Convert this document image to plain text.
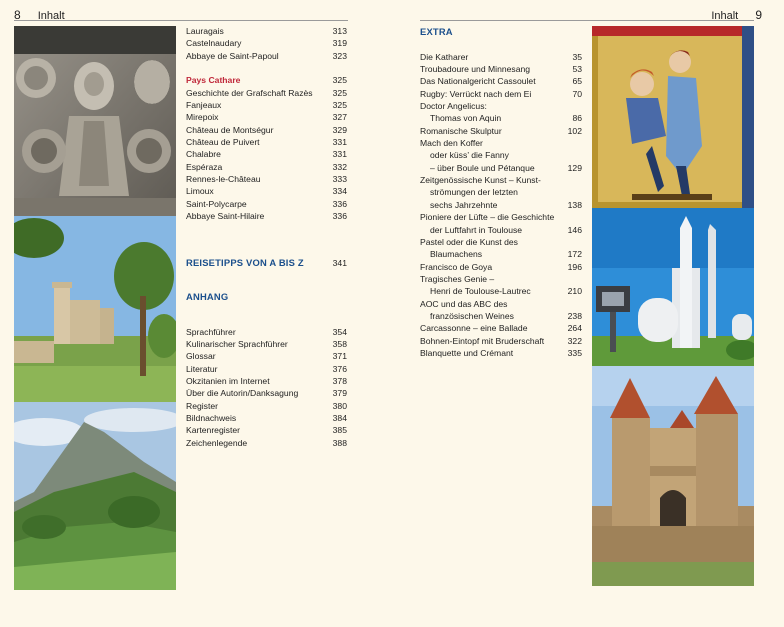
8 Inhalt	Inhalt 9
Lauragais	313
Castelnaudary	319
Abbaye de Saint-Papoul	323
Pays Cathare	325
Geschichte der Grafschaft Razès 325
Fanjeaux	325
Mirepoix	327
Château de Montségur	329
Château de Puivert	331
Chalabre	331
Espéraza	332
Rennes-le-Château	333
Limoux	334
Saint-Polycarpe	336
Abbaye Saint-Hilaire	336
REISETIPPS VON A BIS Z	341
ANHANG
Sprachführer	354
Kulinarischer Sprachführer	358
Glossar	371
Literatur	376
Okzitanien im Internet	378
Über die Autorin/Danksagung	379
Register	380
Bildnachweis	384
Kartenregister	385
Zeichenlegende	388
EXTRA
Die Katharer	35
Troubadoure und Minnesang	53
Das Nationalgericht Cassoulet	65
Rugby: Verrückt nach dem Ei	70
Doctor Angelicus:
Thomas von Aquin	86
Romanische Skulptur	102
Mach den Koffer
oder küss’ die Fanny
– über Boule und Pétanque	129
Zeitgenössische Kunst – Kunst-
strömungen der letzten
sechs Jahrzehnte	138
Pioniere der Lüfte – die Geschichte
der Luftfahrt in Toulouse	146
Pastel oder die Kunst des
Blaumachens	172
Francisco de Goya	196
Tragisches Genie –
Henri de Toulouse-Lautrec	210
AOC und das ABC des
französischen Weines	238
Carcassonne – eine Ballade	264
Bohnen-Eintopf mit Bruderschaft	322
Blanquette und Crémant	335
